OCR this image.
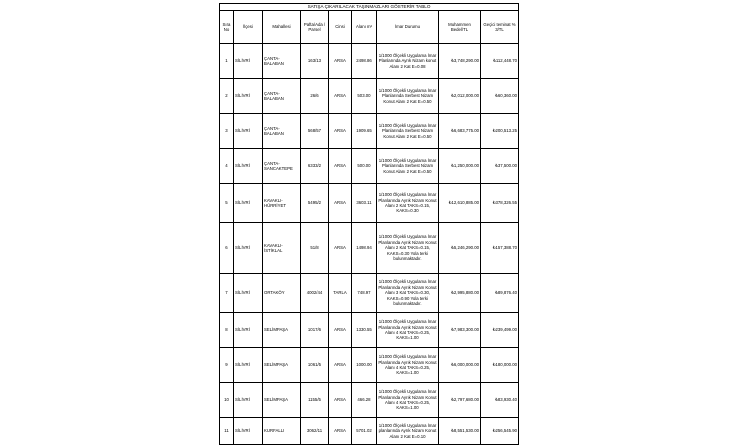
SATIŞA ÇIKARILACAK TAŞINMAZLARI GÖSTERİR TABLO								
Sıra No	İlçesi	Mahallesi	Pafta/Ada / Parsel	Cinsi	Alanı m²	İmar Durumu	Muhammen Bedel/TL	Geçici teminat % 3/TL
1	SİLİVRİ	ÇANTA-BALABAN	163/13	ARSA	2498.86	1/1000 Ölçekli Uygulama İmar Planlarında Ayrık Nizam konut Alanı 2 Kat E=0.08	₺3,748,290.00	₺112,448.70
2	SİLİVRİ	ÇANTA-BALABAN	26/6	ARSA	503.00	1/1000 Ölçekli Uygulama İmar Planlarında Serbest Nizam Konut Alanı 2 Kat E=0.50	₺2,012,000.00	₺60,360.00
3	SİLİVRİ	ÇANTA-BALABAN	568/57	ARSA	1909.65	1/1000 Ölçekli Uygulama İmar Planlarında Serbest Nizam Konut Alanı 2 Kat E=0.50	₺6,683,775.00	₺200,513.25
4	SİLİVRİ	ÇANTA-SANCAKTEPE	6333/2	ARSA	500.00	1/1000 Ölçekli Uygulama İmar Planlarında Serbest Nizam Konut Alanı 2 Kat E=0.50	₺1,250,000.00	₺37,500.00
5	SİLİVRİ	KAVAKLI-HÜRRİYET	5495/2	ARSA	3603.11	1/1000 Ölçekli Uygulama İmar Planlarında Ayrık Nizam Konut Alanı 2 Kat TAKS=0.15, KAKS=0.30	₺12,610,885.00	₺378,326.55
6	SİLİVRİ	KAVAKLI-İSTİKLAL	51/8	ARSA	1498.94	1/1000 Ölçekli Uygulama İmar Planlarında Ayrık Nizam Konut Alanı 2 Kat TAKS=0.15, KAKS=0.30 Yola terki bulunmaktadır.	₺5,246,290.00	₺157,388.70
7	SİLİVRİ	ORTAKÖY	4002/44	TARLA	748.97	1/1000 Ölçekli Uygulama İmar Planlarında Ayrık Nizam Konut Alanı 3 Kat TAKS=0.30, KAKS=0.90 Yola terki bulunmaktadır.	₺2,995,880.00	₺89,876.40
8	SİLİVRİ	SELİMPAŞA	1017/6	ARSA	1330.55	1/1000 Ölçekli Uygulama İmar Planlarında Ayrık Nizam Konut Alanı 4 Kat TAKS=0.25, KAKS=1.00	₺7,983,300.00	₺239,499.00
9	SİLİVRİ	SELİMPAŞA	1061/5	ARSA	1000.00	1/1000 Ölçekli Uygulama İmar Planlarında Ayrık Nizam Konut Alanı 4 Kat TAKS=0.25, KAKS=1.00	₺6,000,000.00	₺180,000.00
10	SİLİVRİ	SELİMPAŞA	1155/5	ARSA	466.28	1/1000 Ölçekli Uygulama İmar Planlarında Ayrık Nizam Konut Alanı 4 Kat TAKS=0.25, KAKS=1.00	₺2,797,680.00	₺83,930.40
11	SİLİVRİ	KURFALLI	3062/11	ARSA	5701.02	1/1000 Ölçekli Uygulama İmar planlarında Ayrık Nizam Konut Alanı 2 Kat E=0.10	₺8,551,530.00	₺256,545.90
